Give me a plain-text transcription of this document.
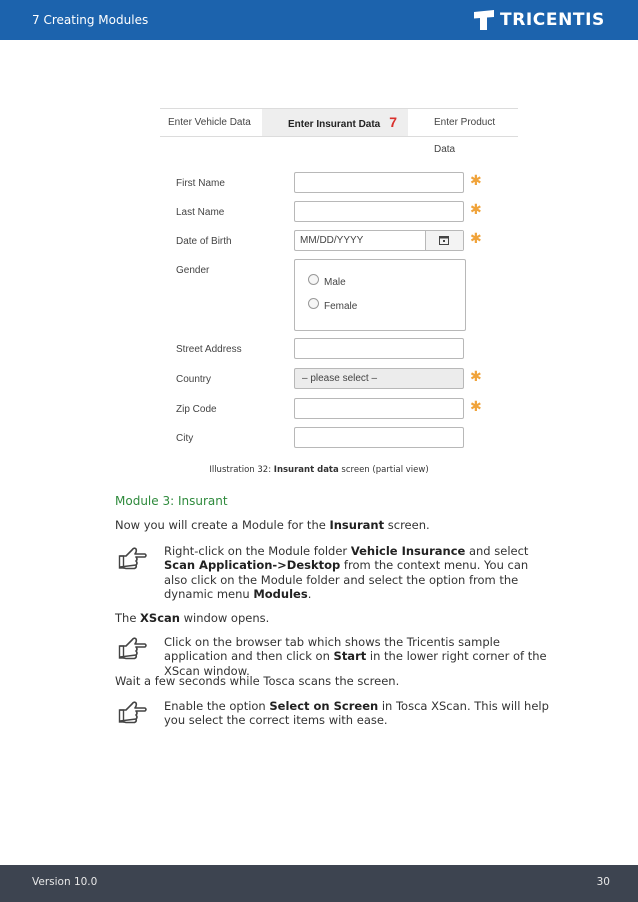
7 Creating Modules	TRICENTIS
Enter Vehicle Data	Enter Insurant Data 7	Enter Product Data
First Name	✱
Last Name	✱
Date of Birth	MM/DD/YYYY	✱
Gender
Male
Female
Street Address
Country	– please select –	✱
Zip Code	✱
City
Illustration 32: Insurant data screen (partial view)
Module 3: Insurant
Now you will create a Module for the Insurant screen.
Right-click on the Module folder Vehicle Insurance and select Scan Application->Desktop from the context menu. You can also click on the Module folder and select the option from the dynamic menu Modules.
The XScan window opens.
Click on the browser tab which shows the Tricentis sample application and then click on Start in the lower right corner of the XScan window.
Wait a few seconds while Tosca scans the screen.
Enable the option Select on Screen in Tosca XScan. This will help you select the correct items with ease.
Version 10.0	30
